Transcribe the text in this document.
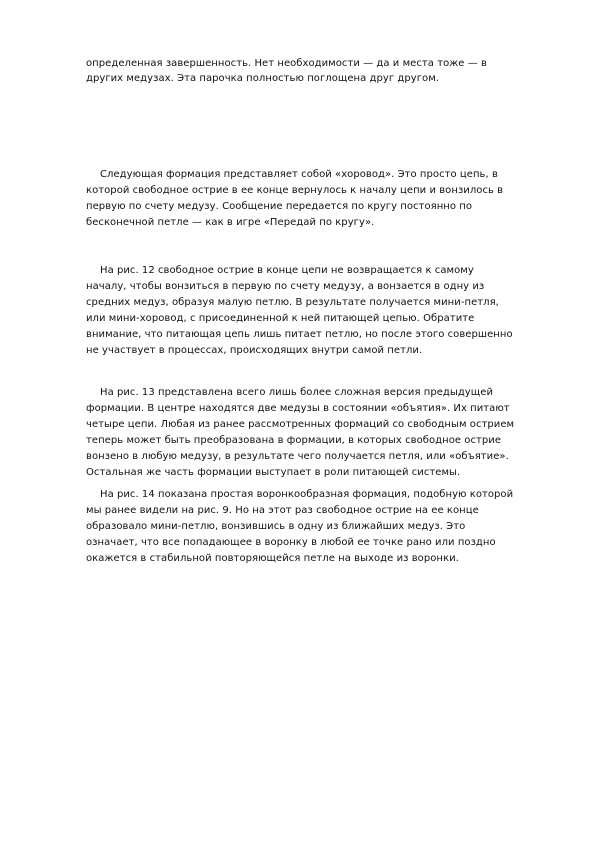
определенная завершенность. Нет необходимости — да и места тоже — в
других медузах. Эта парочка полностью поглощена друг другом.
Следующая формация представляет собой «хоровод». Это просто цепь, в
которой свободное острие в ее конце вернулось к началу цепи и вонзилось в
первую по счету медузу. Сообщение передается по кругу постоянно по
бесконечной петле — как в игре «Передай по кругу».
На рис. 12 свободное острие в конце цепи не возвращается к самому
началу, чтобы вонзиться в первую по счету медузу, а вонзается в одну из
средних медуз, образуя малую петлю. В результате получается мини-петля,
или мини-хоровод, с присоединенной к ней питающей цепью. Обратите
внимание, что питающая цепь лишь питает петлю, но после этого совершенно
не участвует в процессах, происходящих внутри самой петли.
На рис. 13 представлена всего лишь более сложная версия предыдущей
формации. В центре находятся две медузы в состоянии «объятия». Их питают
четыре цепи. Любая из ранее рассмотренных формаций со свободным острием
теперь может быть преобразована в формации, в которых свободное острие
вонзено в любую медузу, в результате чего получается петля, или «объятие».
Остальная же часть формации выступает в роли питающей системы.
На рис. 14 показана простая воронкообразная формация, подобную которой
мы ранее видели на рис. 9. Но на этот раз свободное острие на ее конце
образовало мини-петлю, вонзившись в одну из ближайших медуз. Это
означает, что все попадающее в воронку в любой ее точке рано или поздно
окажется в стабильной повторяющейся петле на выходе из воронки.
